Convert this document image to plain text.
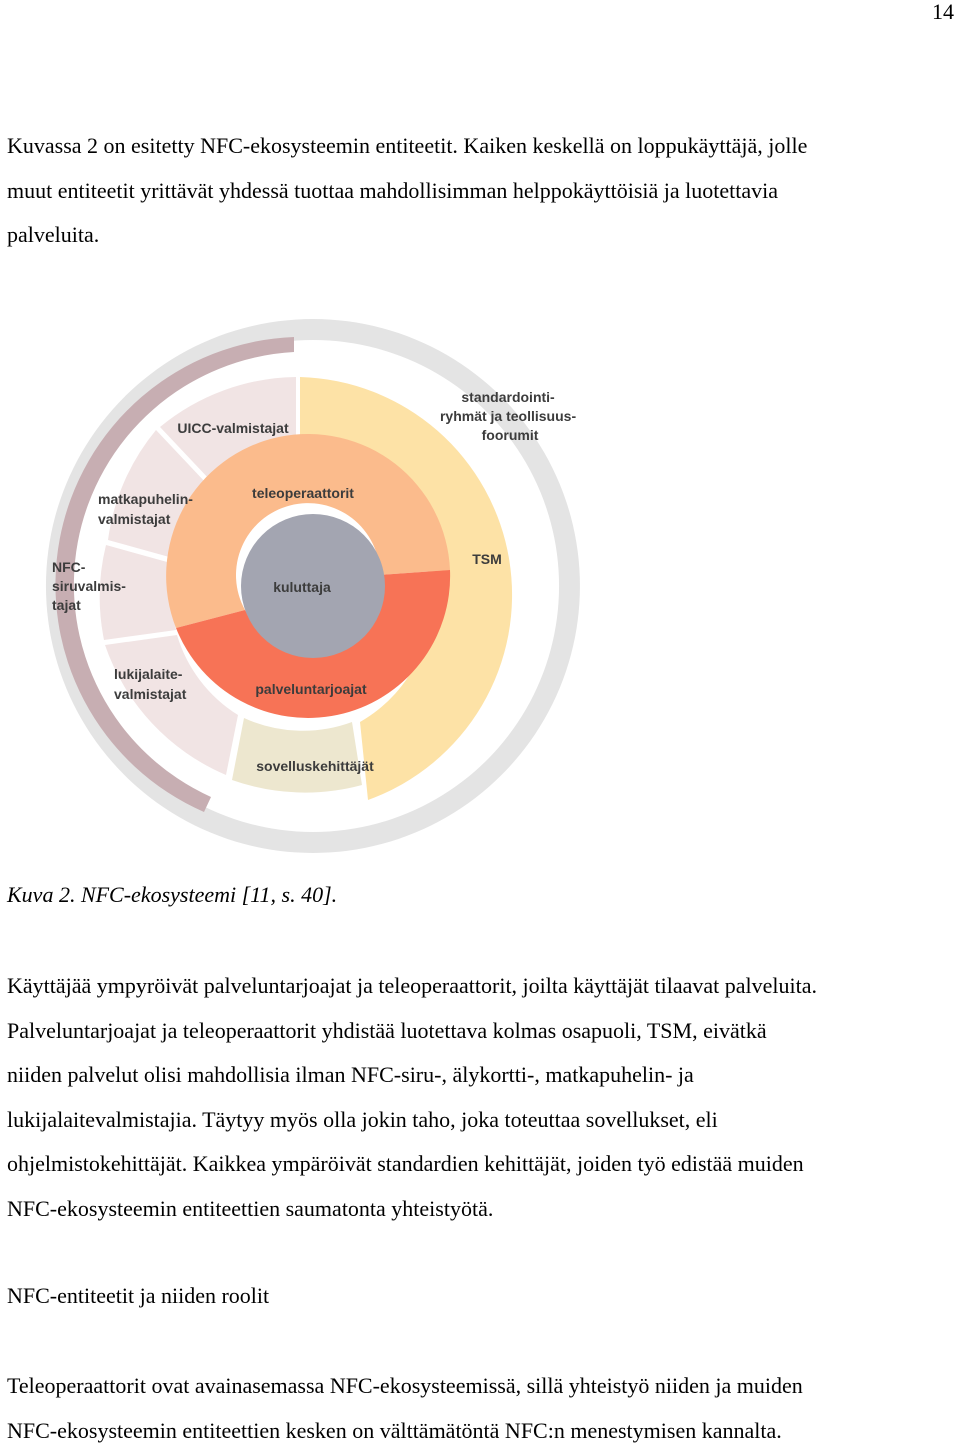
14

Kuvassa 2 on esitetty NFC-ekosysteemin entiteetit. Kaiken keskellä on loppukäyttäjä, jolle
muut entiteetit yrittävät yhdessä tuottaa mahdollisimman helppokäyttöisiä ja luotettavia
palveluita.

kuluttaja
teleoperaattorit
palveluntarjoajat
sovelluskehittäjät
TSM
standardointi- ryhmät ja teollisuus- foorumit
UICC-valmistajat
matkapuhelin- valmistajat
NFC- siruvalmis- tajat
lukijalaite- valmistajat

Kuva 2. NFC-ekosysteemi [11, s. 40].

Käyttäjää ympyröivät palveluntarjoajat ja teleoperaattorit, joilta käyttäjät tilaavat palveluita.
Palveluntarjoajat ja teleoperaattorit yhdistää luotettava kolmas osapuoli, TSM, eivätkä
niiden palvelut olisi mahdollisia ilman NFC-siru-, älykortti-, matkapuhelin- ja
lukijalaitevalmistajia. Täytyy myös olla jokin taho, joka toteuttaa sovellukset, eli
ohjelmistokehittäjät. Kaikkea ympäröivät standardien kehittäjät, joiden työ edistää muiden
NFC-ekosysteemin entiteettien saumatonta yhteistyötä.

NFC-entiteetit ja niiden roolit

Teleoperaattorit ovat avainasemassa NFC-ekosysteemissä, sillä yhteistyö niiden ja muiden
NFC-ekosysteemin entiteettien kesken on välttämätöntä NFC:n menestymisen kannalta.
